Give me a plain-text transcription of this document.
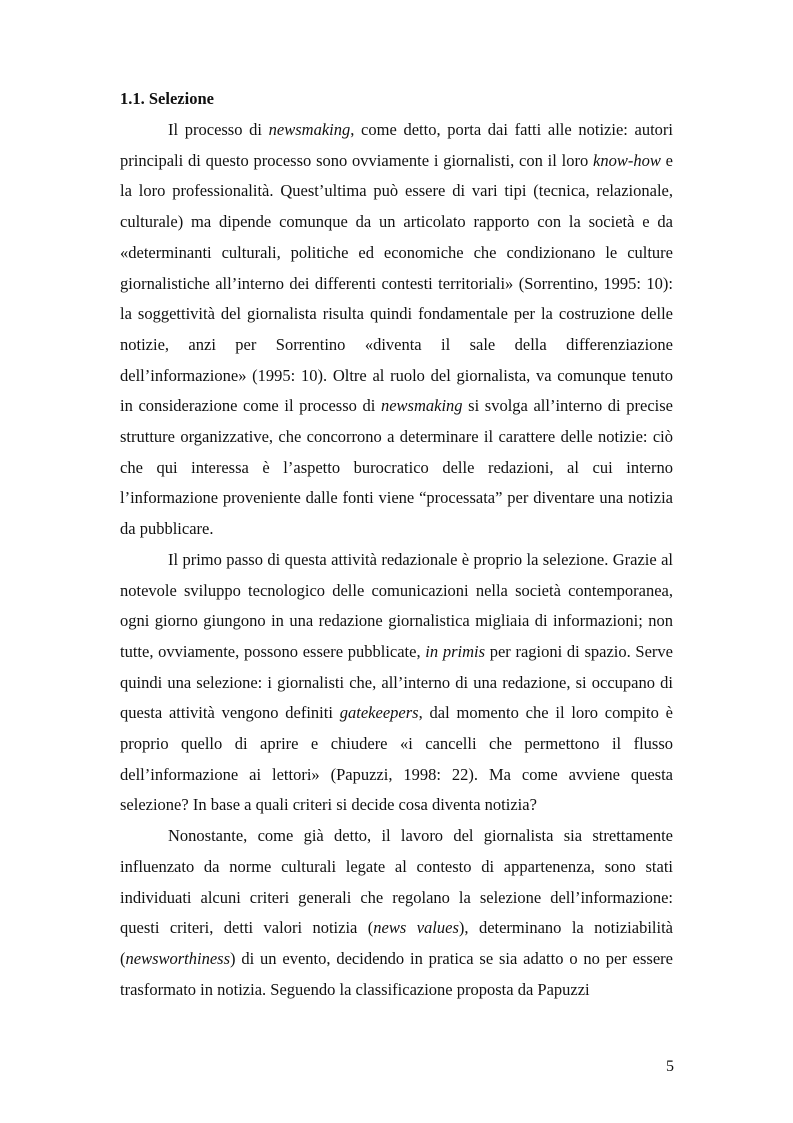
1.1. Selezione

Il processo di newsmaking, come detto, porta dai fatti alle notizie: autori principali di questo processo sono ovviamente i giornalisti, con il loro know-how e la loro professionalità. Quest’ultima può essere di vari tipi (tecnica, relazionale, culturale) ma dipende comunque da un articolato rapporto con la società e da «determinanti culturali, politiche ed economiche che condizionano le culture giornalistiche all’interno dei differenti contesti territoriali» (Sorrentino, 1995: 10): la soggettività del giornalista risulta quindi fondamentale per la costruzione delle notizie, anzi per Sorrentino «diventa il sale della differenziazione dell’informazione» (1995: 10). Oltre al ruolo del giornalista, va comunque tenuto in considerazione come il processo di newsmaking si svolga all’interno di precise strutture organizzative, che concorrono a determinare il carattere delle notizie: ciò che qui interessa è l’aspetto burocratico delle redazioni, al cui interno l’informazione proveniente dalle fonti viene “processata” per diventare una notizia da pubblicare.

Il primo passo di questa attività redazionale è proprio la selezione. Grazie al notevole sviluppo tecnologico delle comunicazioni nella società contemporanea, ogni giorno giungono in una redazione giornalistica migliaia di informazioni; non tutte, ovviamente, possono essere pubblicate, in primis per ragioni di spazio. Serve quindi una selezione: i giornalisti che, all’interno di una redazione, si occupano di questa attività vengono definiti gatekeepers, dal momento che il loro compito è proprio quello di aprire e chiudere «i cancelli che permettono il flusso dell’informazione ai lettori» (Papuzzi, 1998: 22). Ma come avviene questa selezione? In base a quali criteri si decide cosa diventa notizia?

Nonostante, come già detto, il lavoro del giornalista sia strettamente influenzato da norme culturali legate al contesto di appartenenza, sono stati individuati alcuni criteri generali che regolano la selezione dell’informazione: questi criteri, detti valori notizia (news values), determinano la notiziabilità (newsworthiness) di un evento, decidendo in pratica se sia adatto o no per essere trasformato in notizia. Seguendo la classificazione proposta da Papuzzi

5
